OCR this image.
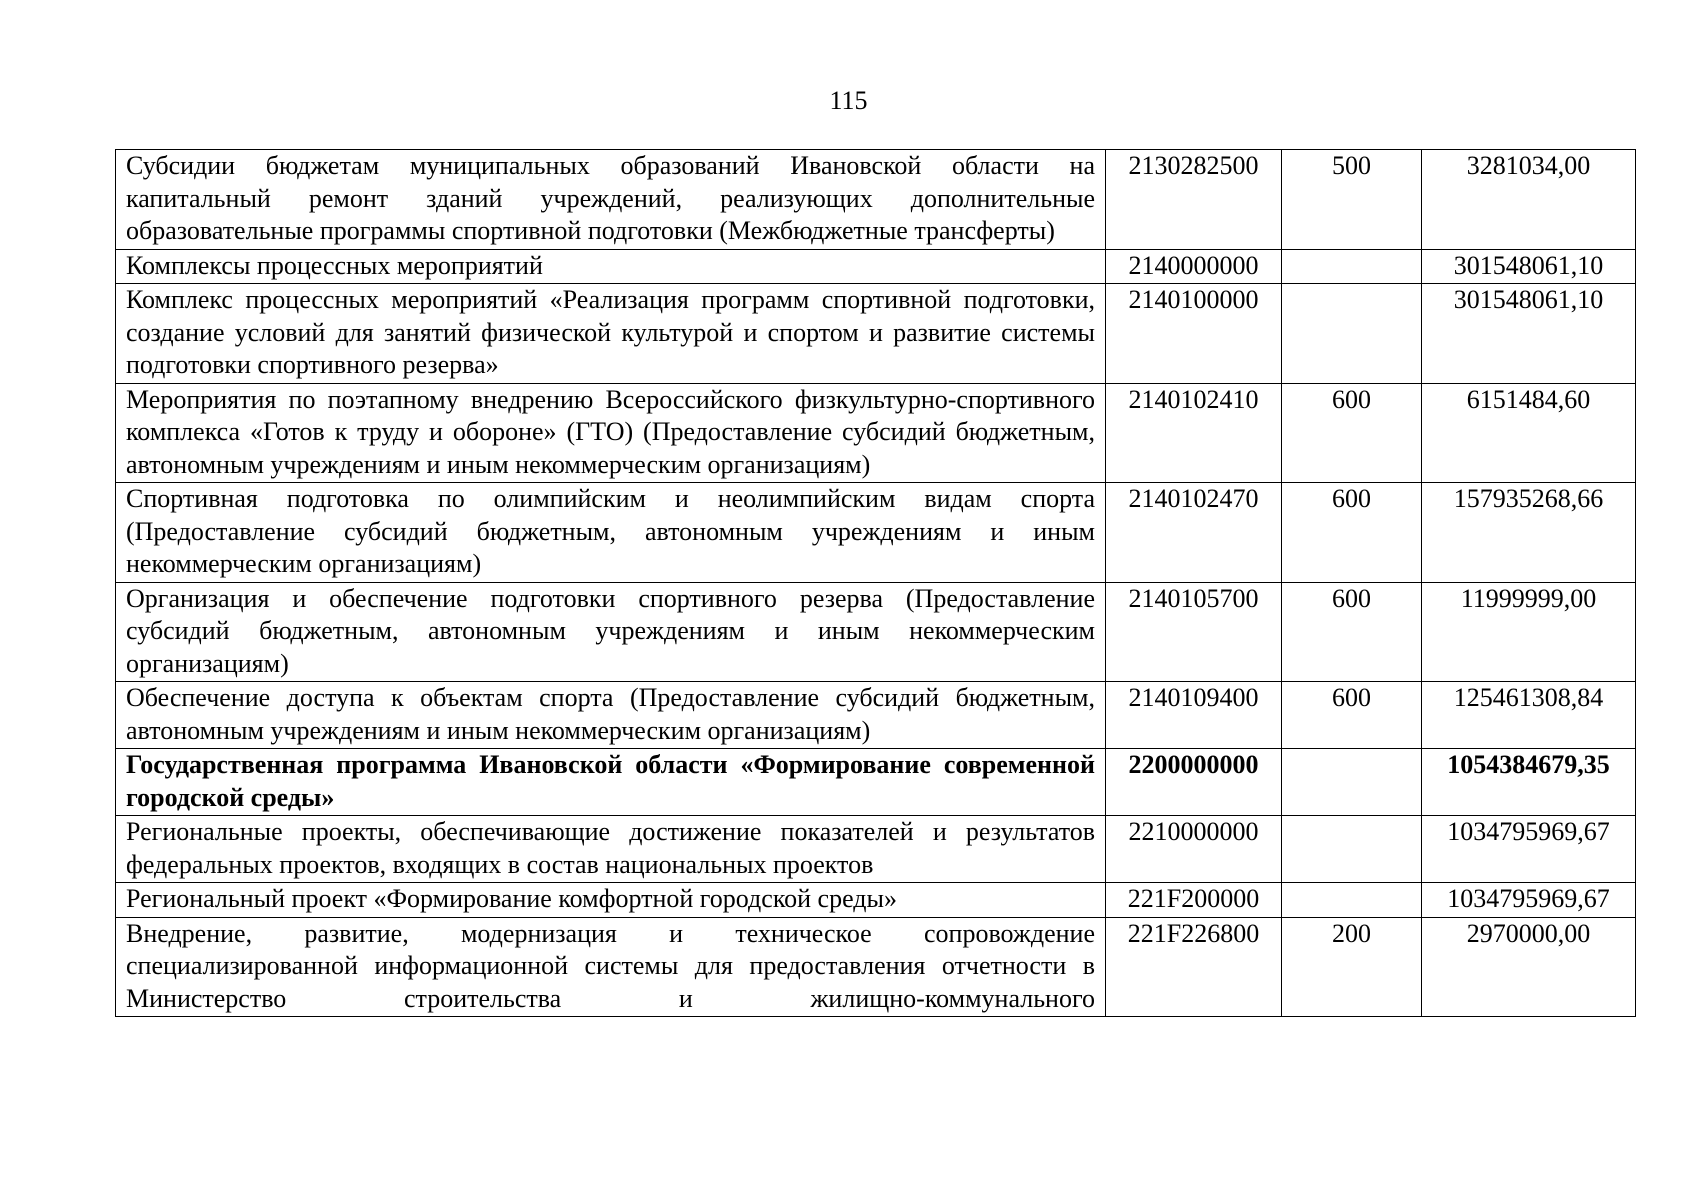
115
Субсидии бюджетам муниципальных образований Ивановской области на капитальный ремонт зданий учреждений, реализующих дополнительные образовательные программы спортивной подготовки (Межбюджетные трансферты)	2130282500	500	3281034,00
Комплексы процессных мероприятий	2140000000		301548061,10
Комплекс процессных мероприятий «Реализация программ спортивной подготовки, создание условий для занятий физической культурой и спортом и развитие системы подготовки спортивного резерва»	2140100000		301548061,10
Мероприятия по поэтапному внедрению Всероссийского физкультурно-спортивного комплекса «Готов к труду и обороне» (ГТО) (Предоставление субсидий бюджетным, автономным учреждениям и иным некоммерческим организациям)	2140102410	600	6151484,60
Спортивная подготовка по олимпийским и неолимпийским видам спорта (Предоставление субсидий бюджетным, автономным учреждениям и иным некоммерческим организациям)	2140102470	600	157935268,66
Организация и обеспечение подготовки спортивного резерва (Предоставление субсидий бюджетным, автономным учреждениям и иным некоммерческим организациям)	2140105700	600	11999999,00
Обеспечение доступа к объектам спорта (Предоставление субсидий бюджетным, автономным учреждениям и иным некоммерческим организациям)	2140109400	600	125461308,84
Государственная программа Ивановской области «Формирование современной городской среды»	2200000000		1054384679,35
Региональные проекты, обеспечивающие достижение показателей и результатов федеральных проектов, входящих в состав национальных проектов	2210000000		1034795969,67
Региональный проект «Формирование комфортной городской среды»	221F200000		1034795969,67
Внедрение, развитие, модернизация и техническое сопровождение специализированной информационной системы для предоставления отчетности в Министерство строительства и жилищно-коммунального	221F226800	200	2970000,00
